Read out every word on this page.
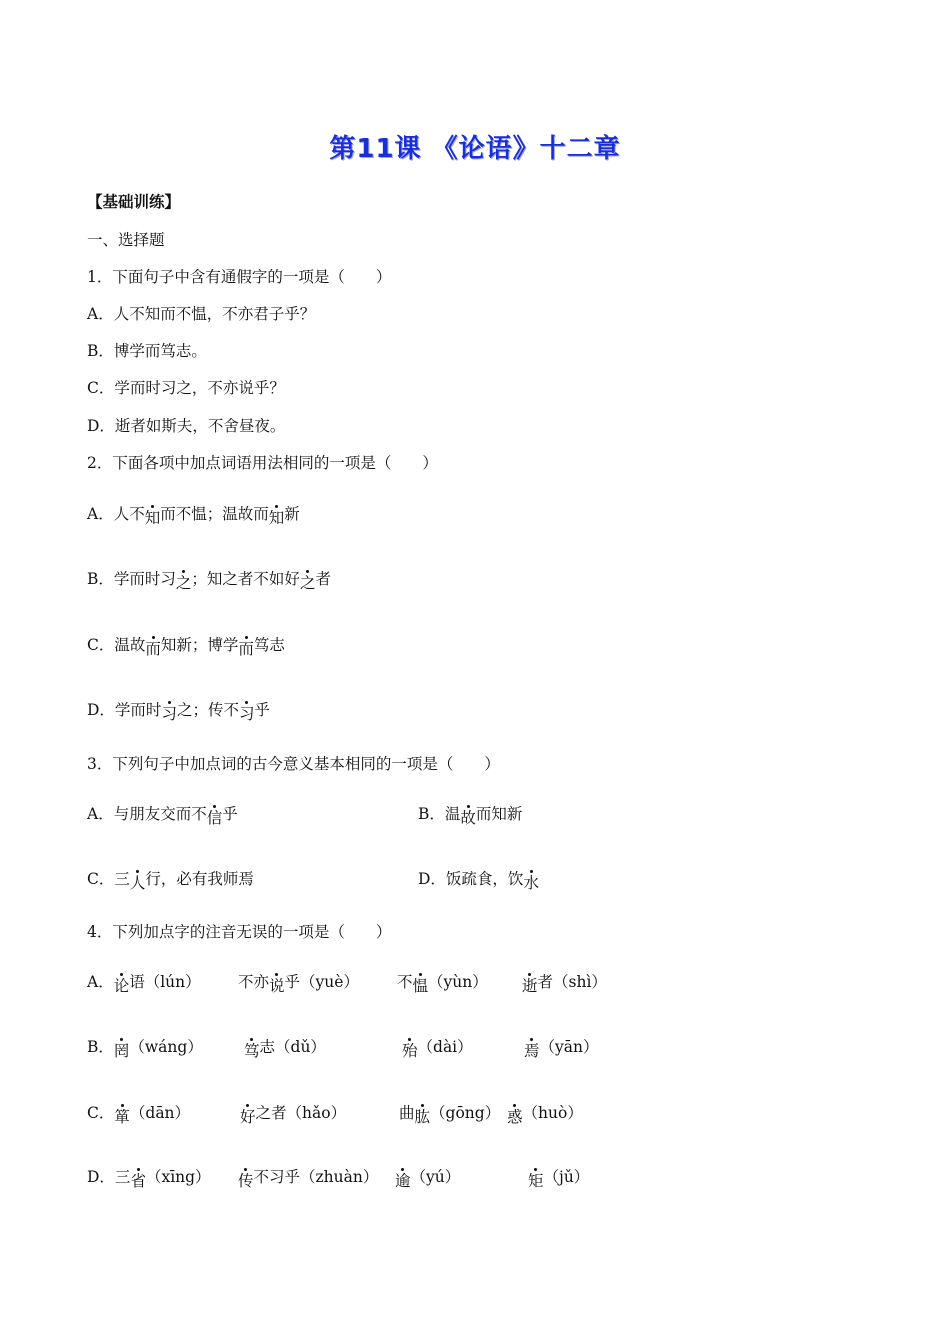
第11课 《论语》十二章
【基础训练】
一、选择题
1．下面句子中含有通假字的一项是（　　）
A．人不知而不愠，不亦君子乎？
B．博学而笃志。
C．学而时习之，不亦说乎？
D．逝者如斯夫，不舍昼夜。
2．下面各项中加点词语用法相同的一项是（　　）
A．人不知而不愠；温故而知新
B．学而时习之；知之者不如好之者
C．温故而知新；博学而笃志
D．学而时习之；传不习乎
3．下列句子中加点词的古今意义基本相同的一项是（　　）
A．与朋友交而不信乎	B．温故而知新
C．三人行，必有我师焉	D．饭疏食，饮水
4．下列加点字的注音无误的一项是（　　）
A．论语（lún） 不亦说乎（yuè） 不愠（yùn） 逝者（shì）
B．罔（wáng）	笃志（dǔ）	殆（dài）	焉（yān）
C．箪（dān）	好之者（hǎo）	曲肱（gōng） 惑（huò）
D．三省（xīng） 传不习乎（zhuàn） 逾（yú）	矩（jǔ）
